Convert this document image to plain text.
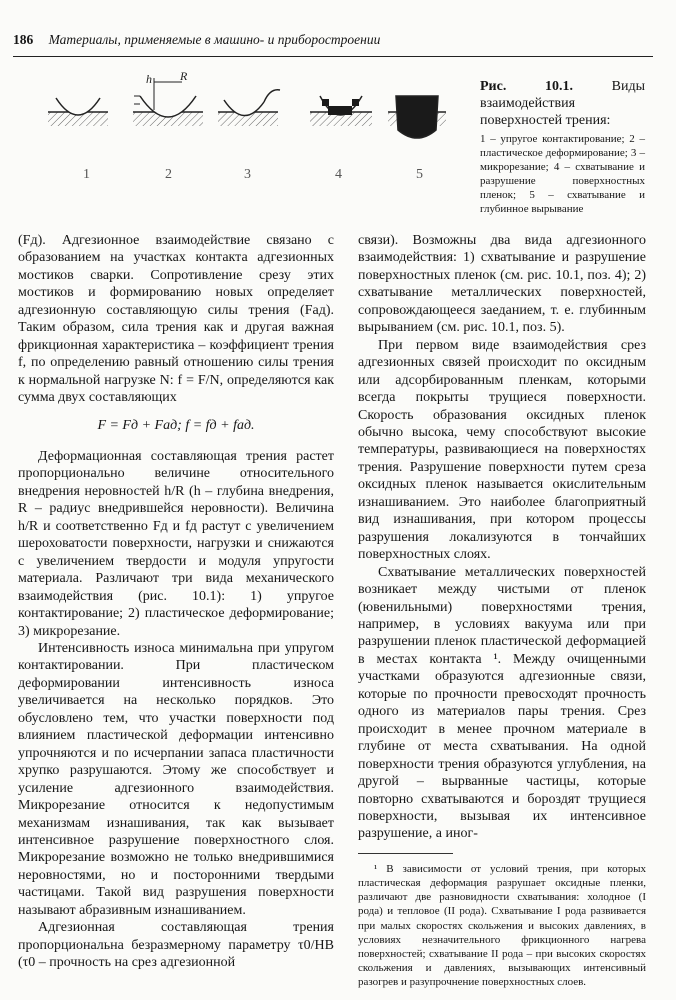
186 Материалы, применяемые в машино- и приборостроении
h R
1	2	3	4	5
Рис. 10.1.	Виды взаимодействия поверхностей трения:
1 – упругое контактирование; 2 – пластическое деформирование; 3 – микрорезание; 4 – схватывание и разрушение поверхностных пленок; 5 – схватывание и глубинное вырывание

(Fд). Адгезионное взаимодействие связано с образованием на участках контакта адгезионных мостиков сварки. Сопротивление срезу этих мостиков и формированию новых определяет адгезионную составляющую силы трения (Fад). Таким образом, сила трения как и другая важная фрикционная характеристика – коэффициент трения f, по определению равный отношению силы трения к нормальной нагрузке N: f = F/N, определяются как сумма двух составляющих

F = Fд + Fад; f = fд + fад.

Деформационная составляющая трения растет пропорционально величине относительного внедрения неровностей h/R (h – глубина внедрения, R – радиус внедрившейся неровности). Величина h/R и соответственно Fд и fд растут с увеличением шероховатости поверхности, нагрузки и снижаются с увеличением твердости и модуля упругости материала. Различают три вида механического взаимодействия (рис. 10.1): 1) упругое контактирование; 2) пластическое деформирование; 3) микрорезание.

Интенсивность износа минимальна при упругом контактировании. При пластическом деформировании интенсивность износа увеличивается на несколько порядков. Это обусловлено тем, что участки поверхности под влиянием пластической деформации интенсивно упрочняются и по исчерпании запаса пластичности хрупко разрушаются. Этому же способствует и усиление адгезионного взаимодействия. Микрорезание относится к недопустимым механизмам изнашивания, так как вызывает интенсивное разрушение поверхностного слоя. Микрорезание возможно не только внедрившимися неровностями, но и посторонними твердыми частицами. Такой вид разрушения поверхности называют абразивным изнашиванием.

Адгезионная составляющая трения пропорциональна безразмерному параметру τ0/HB (τ0 – прочность на срез адгезионной

связи). Возможны два вида адгезионного взаимодействия: 1) схватывание и разрушение поверхностных пленок (см. рис. 10.1, поз. 4); 2) схватывание металлических поверхностей, сопровождающееся заеданием, т. е. глубинным вырыванием (см. рис. 10.1, поз. 5).

При первом виде взаимодействия срез адгезионных связей происходит по оксидным или адсорбированным пленкам, которыми всегда покрыты трущиеся поверхности. Скорость образования оксидных пленок обычно высока, чему способствуют высокие температуры, развивающиеся на поверхностях трения. Разрушение поверхности путем среза оксидных пленок называется окислительным изнашиванием. Это наиболее благоприятный вид изнашивания, при котором процессы разрушения локализуются в тончайших поверхностных слоях.

Схватывание металлических поверхностей возникает между чистыми от пленок (ювенильными) поверхностями трения, например, в условиях вакуума или при разрушении пленок пластической деформацией в местах контакта ¹. Между очищенными участками образуются адгезионные связи, которые по прочности превосходят прочность одного из материалов пары трения. Срез происходит в менее прочном материале в глубине от места схватывания. На одной поверхности трения образуются углубления, на другой – вырванные частицы, которые повторно схватываются и бороздят трущиеся поверхности, вызывая их интенсивное разрушение, а иног-

¹ В зависимости от условий трения, при которых пластическая деформация разрушает оксидные пленки, различают две разновидности схватывания: холодное (I рода) и тепловое (II рода). Схватывание I рода развивается при малых скоростях скольжения и высоких давлениях, в условиях незначительного фрикционного нагрева поверхностей; схватывание II рода – при высоких скоростях скольжения и давлениях, вызывающих интенсивный разогрев и разупрочнение поверхностных слоев.
